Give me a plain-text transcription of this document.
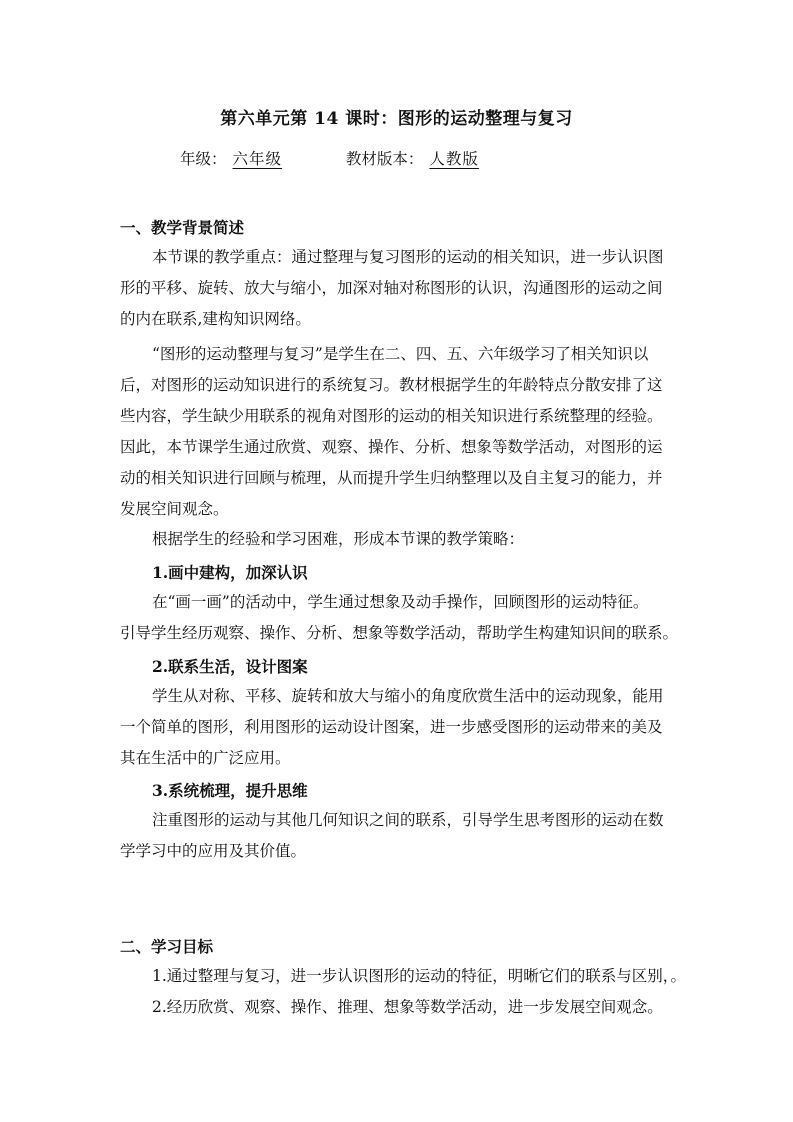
第六单元第 14 课时：图形的运动整理与复习
年级： 六年级	教材版本： 人教版
一、教学背景简述
本节课的教学重点：通过整理与复习图形的运动的相关知识，进一步认识图
形的平移、旋转、放大与缩小，加深对轴对称图形的认识，沟通图形的运动之间
的内在联系,建构知识网络。
“图形的运动整理与复习”是学生在二、四、五、六年级学习了相关知识以
后，对图形的运动知识进行的系统复习。教材根据学生的年龄特点分散安排了这
些内容，学生缺少用联系的视角对图形的运动的相关知识进行系统整理的经验。
因此，本节课学生通过欣赏、观察、操作、分析、想象等数学活动，对图形的运
动的相关知识进行回顾与梳理，从而提升学生归纳整理以及自主复习的能力，并
发展空间观念。
根据学生的经验和学习困难，形成本节课的教学策略：
1.画中建构，加深认识
在“画一画”的活动中，学生通过想象及动手操作，回顾图形的运动特征。
引导学生经历观察、操作、分析、想象等数学活动，帮助学生构建知识间的联系。
2.联系生活，设计图案
学生从对称、平移、旋转和放大与缩小的角度欣赏生活中的运动现象，能用
一个简单的图形，利用图形的运动设计图案，进一步感受图形的运动带来的美及
其在生活中的广泛应用。
3.系统梳理，提升思维
注重图形的运动与其他几何知识之间的联系，引导学生思考图形的运动在数
学学习中的应用及其价值。
二、学习目标
1.通过整理与复习，进一步认识图形的运动的特征，明晰它们的联系与区别，。
2.经历欣赏、观察、操作、推理、想象等数学活动，进一步发展空间观念。
